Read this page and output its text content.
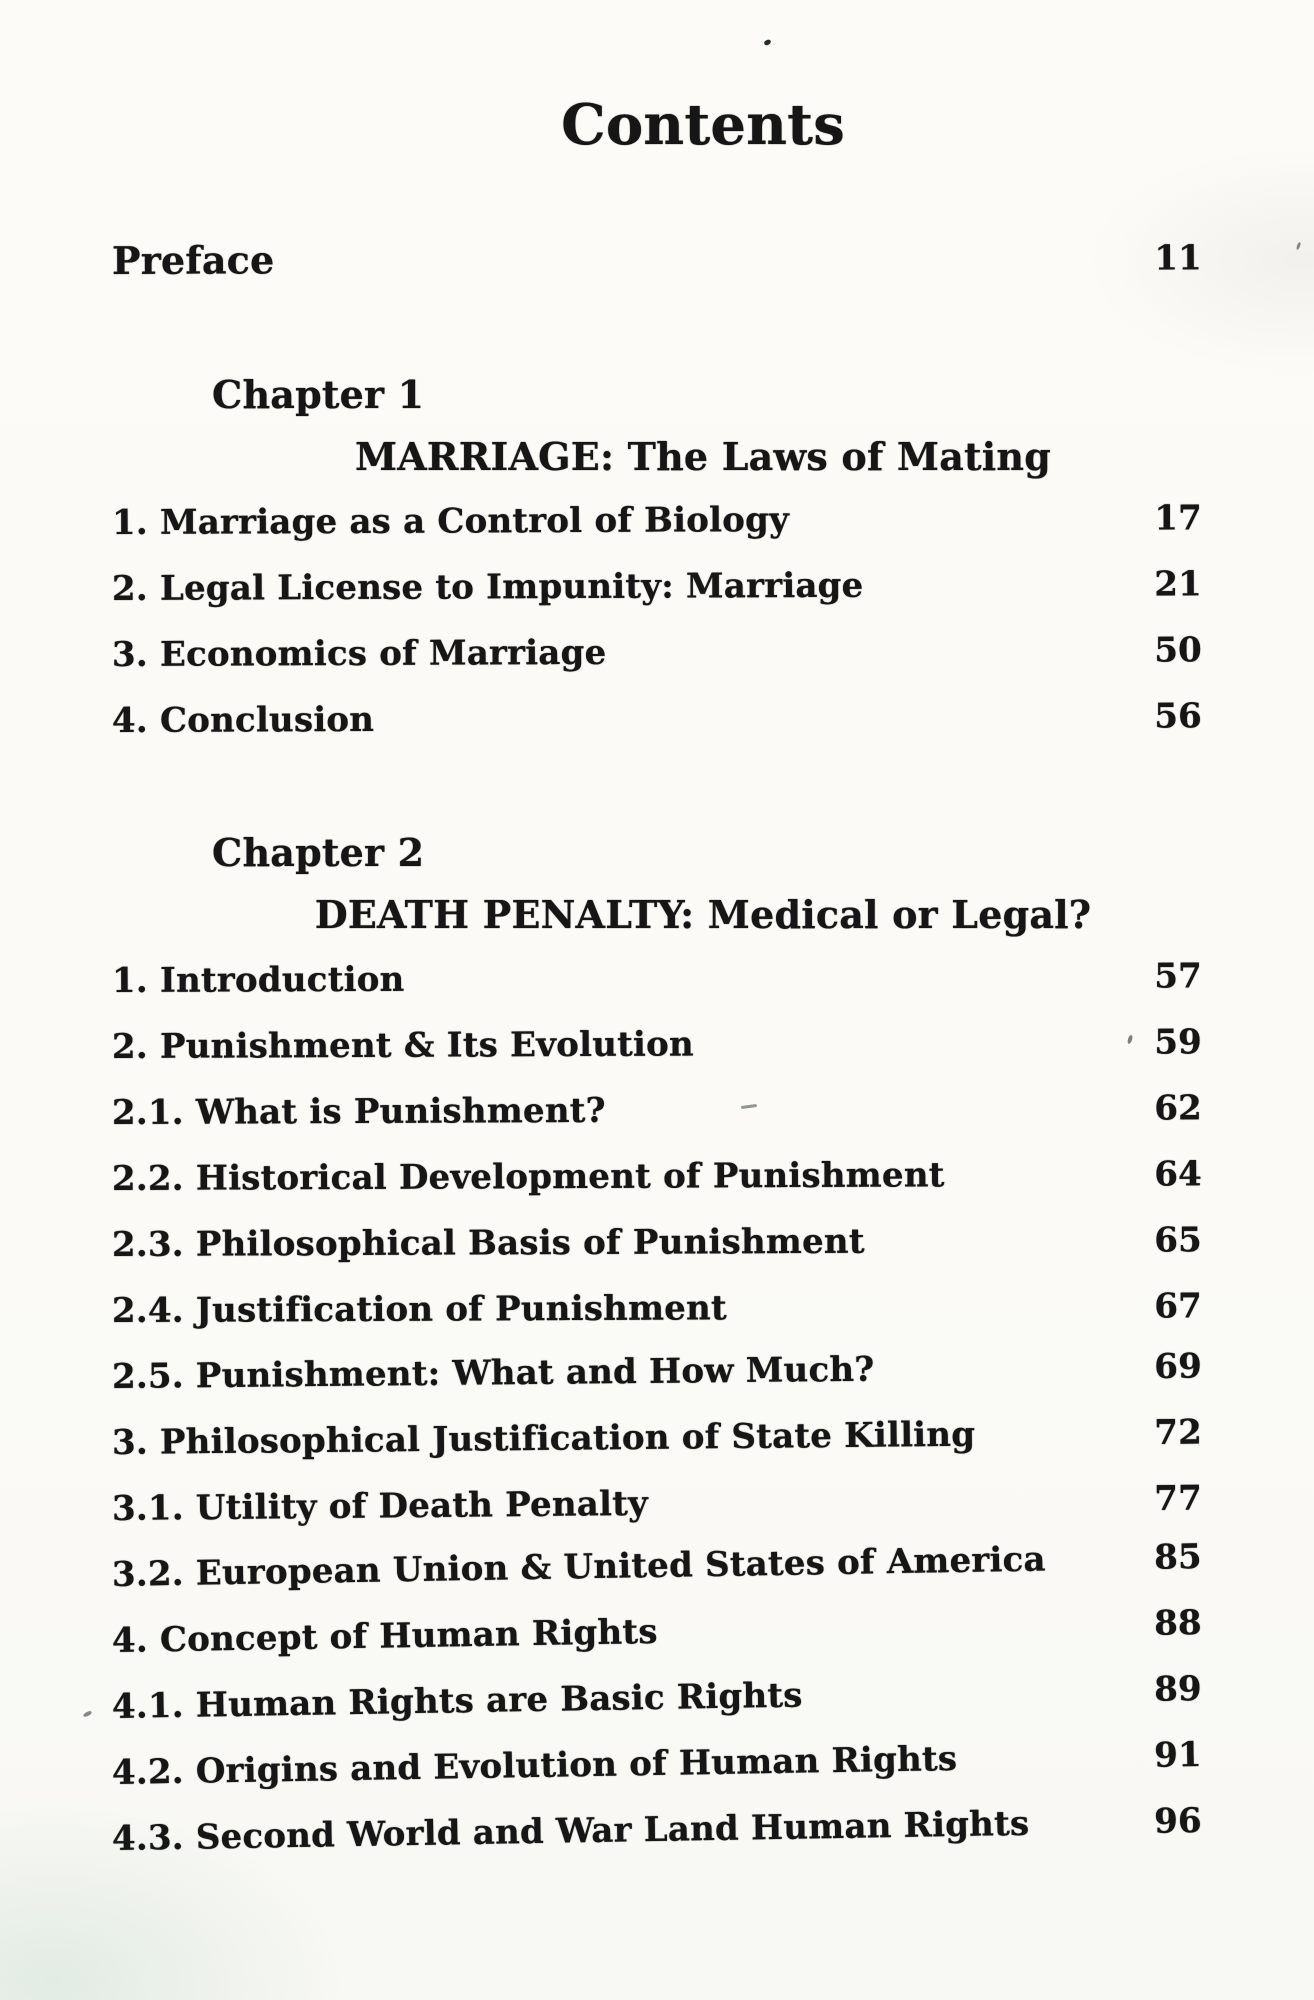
Contents
Preface	11
Chapter 1
MARRIAGE: The Laws of Mating
1. Marriage as a Control of Biology	17
2. Legal License to Impunity: Marriage	21
3. Economics of Marriage	50
4. Conclusion	56
Chapter 2
DEATH PENALTY: Medical or Legal?
1. Introduction	57
2. Punishment & Its Evolution	59
2.1. What is Punishment?	62
2.2. Historical Development of Punishment	64
2.3. Philosophical Basis of Punishment	65
2.4. Justification of Punishment	67
2.5. Punishment: What and How Much?	69
3. Philosophical Justification of State Killing	72
3.1. Utility of Death Penalty	77
3.2. European Union & United States of America	85
4. Concept of Human Rights	88
4.1. Human Rights are Basic Rights	89
4.2. Origins and Evolution of Human Rights	91
4.3. Second World and War Land Human Rights	96
